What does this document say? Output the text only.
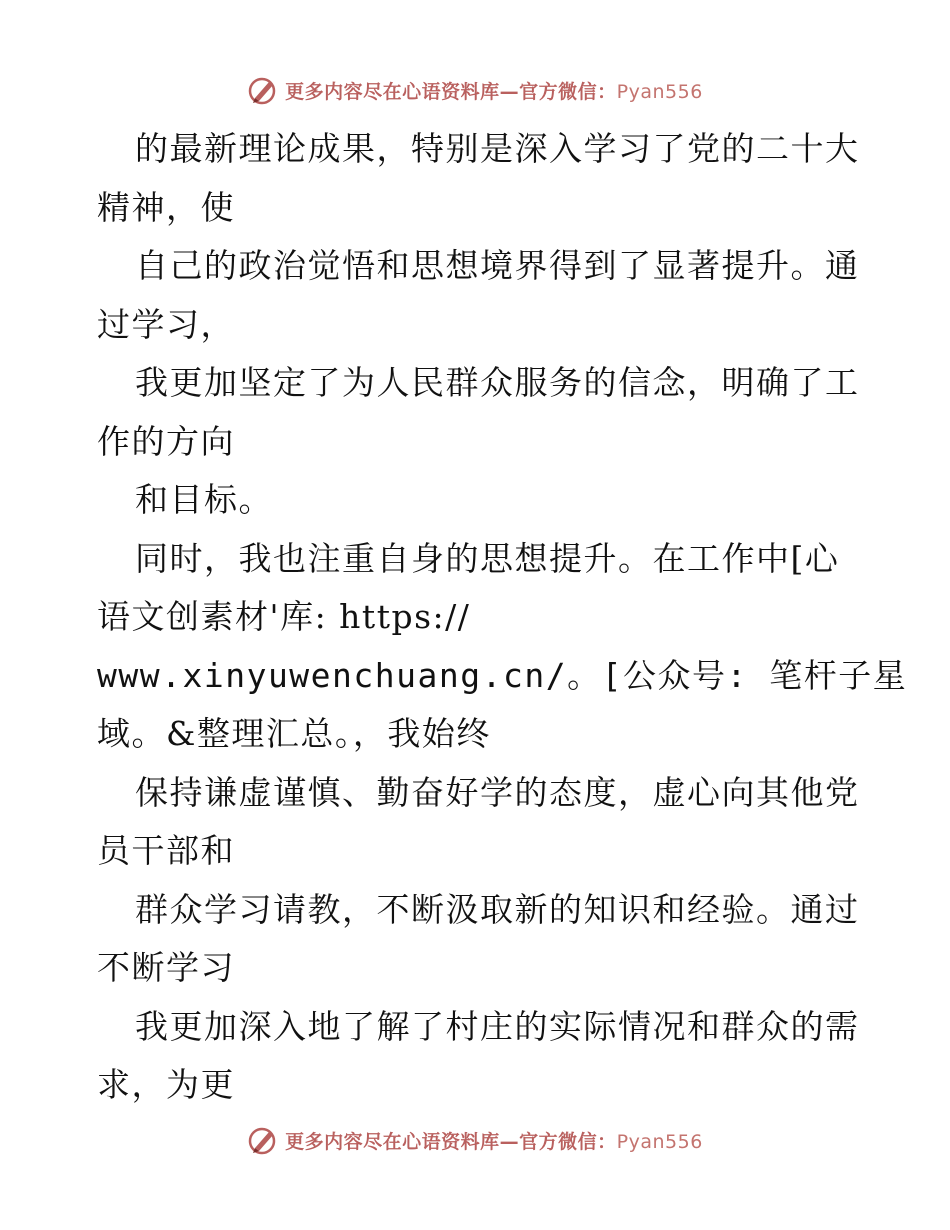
更多内容尽在心语资料库—官方微信：Pyan556
的最新理论成果，特别是深入学习了党的二十大
精神，使
自己的政治觉悟和思想境界得到了显著提升。通
过学习，
我更加坚定了为人民群众服务的信念，明确了工
作的方向
和目标。
同时，我也注重自身的思想提升。在工作中[心
语文创素材'库: https://
www.xinyuwenchuang.cn/。[公众号: 笔杆子星
域。&整理汇总。，我始终
保持谦虚谨慎、勤奋好学的态度，虚心向其他党
员干部和
群众学习请教，不断汲取新的知识和经验。通过
不断学习
我更加深入地了解了村庄的实际情况和群众的需
求，为更
更多内容尽在心语资料库—官方微信：Pyan556
